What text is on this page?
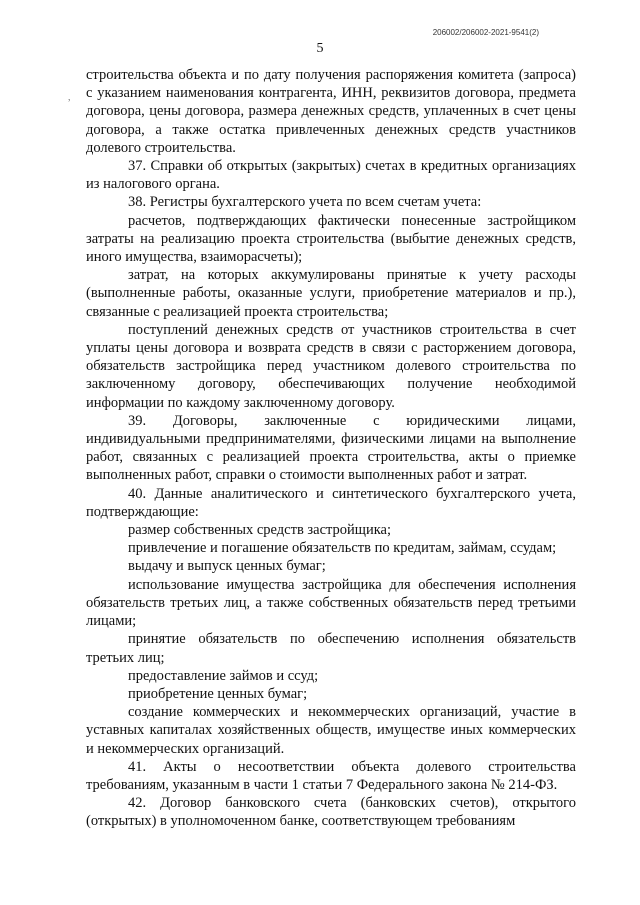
206002/206002-2021-9541(2)
5
,

строительства объекта и по дату получения распоряжения комитета (запроса) с указанием наименования контрагента, ИНН, реквизитов договора, предмета договора, цены договора, размера денежных средств, уплаченных в счет цены договора, а также остатка привлеченных денежных средств участников долевого строительства.

37. Справки об открытых (закрытых) счетах в кредитных организациях из налогового органа.

38. Регистры бухгалтерского учета по всем счетам учета:

расчетов, подтверждающих фактически понесенные застройщиком затраты на реализацию проекта строительства (выбытие денежных средств, иного имущества, взаиморасчеты);

затрат, на которых аккумулированы принятые к учету расходы (выполненные работы, оказанные услуги, приобретение материалов и пр.), связанные с реализацией проекта строительства;

поступлений денежных средств от участников строительства в счет уплаты цены договора и возврата средств в связи с расторжением договора, обязательств застройщика перед участником долевого строительства по заключенному договору, обеспечивающих получение необходимой информации по каждому заключенному договору.

39. Договоры, заключенные с юридическими лицами, индивидуальными предпринимателями, физическими лицами на выполнение работ, связанных с реализацией проекта строительства, акты о приемке выполненных работ, справки о стоимости выполненных работ и затрат.

40. Данные аналитического и синтетического бухгалтерского учета, подтверждающие:

размер собственных средств застройщика;

привлечение и погашение обязательств по кредитам, займам, ссудам;

выдачу и выпуск ценных бумаг;

использование имущества застройщика для обеспечения исполнения обязательств третьих лиц, а также собственных обязательств перед третьими лицами;

принятие обязательств по обеспечению исполнения обязательств третьих лиц;

предоставление займов и ссуд;

приобретение ценных бумаг;

создание коммерческих и некоммерческих организаций, участие в уставных капиталах хозяйственных обществ, имуществе иных коммерческих и некоммерческих организаций.

41. Акты о несоответствии объекта долевого строительства требованиям, указанным в части 1 статьи 7 Федерального закона № 214-ФЗ.

42. Договор банковского счета (банковских счетов), открытого (открытых) в уполномоченном банке, соответствующем требованиям
